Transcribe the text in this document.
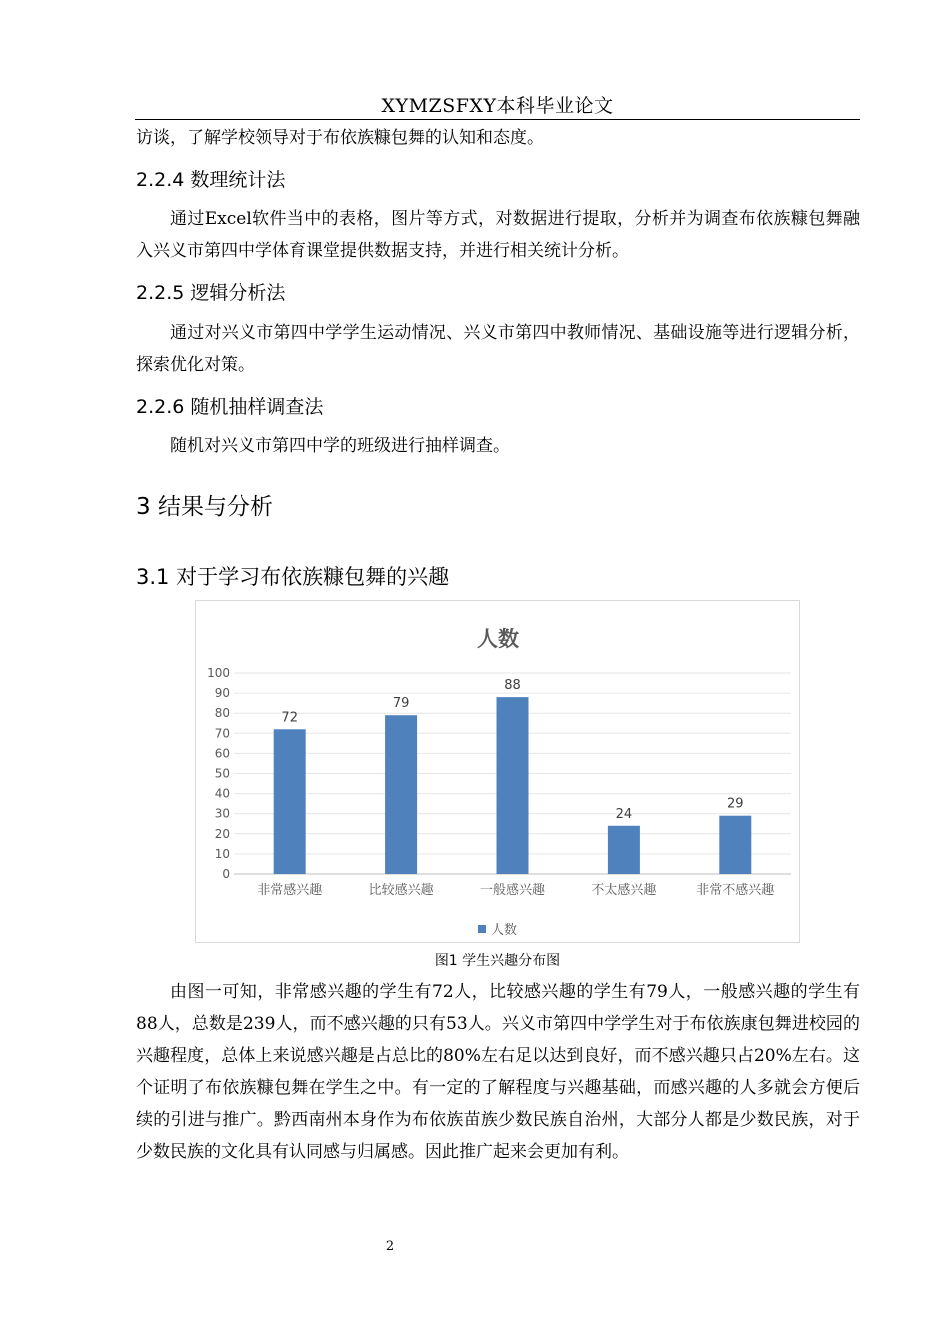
XYMZSFXY本科毕业论文

访谈，了解学校领导对于布依族糠包舞的认知和态度。

2.2.4 数理统计法

通过Excel软件当中的表格，图片等方式，对数据进行提取，分析并为调查布依族糠包舞融入兴义市第四中学体育课堂提供数据支持，并进行相关统计分析。

2.2.5 逻辑分析法

通过对兴义市第四中学学生运动情况、兴义市第四中教师情况、基础设施等进行逻辑分析，探索优化对策。

2.2.6 随机抽样调查法

随机对兴义市第四中学的班级进行抽样调查。

3 结果与分析
3.1 对于学习布依族糠包舞的兴趣
人数
0
10
20
30
40
50
60
70
80
90
100
72
79
88
24
29
非常感兴趣	比较感兴趣	一般感兴趣	不太感兴趣	非常不感兴趣
人数
图1 学生兴趣分布图

由图一可知，非常感兴趣的学生有72人，比较感兴趣的学生有79人，一般感兴趣的学生有88人，总数是239人，而不感兴趣的只有53人。兴义市第四中学学生对于布依族康包舞进校园的兴趣程度，总体上来说感兴趣是占总比的80%左右足以达到良好，而不感兴趣只占20%左右。这个证明了布依族糠包舞在学生之中。有一定的了解程度与兴趣基础，而感兴趣的人多就会方便后续的引进与推广。黔西南州本身作为布依族苗族少数民族自治州，大部分人都是少数民族，对于少数民族的文化具有认同感与归属感。因此推广起来会更加有利。

2
